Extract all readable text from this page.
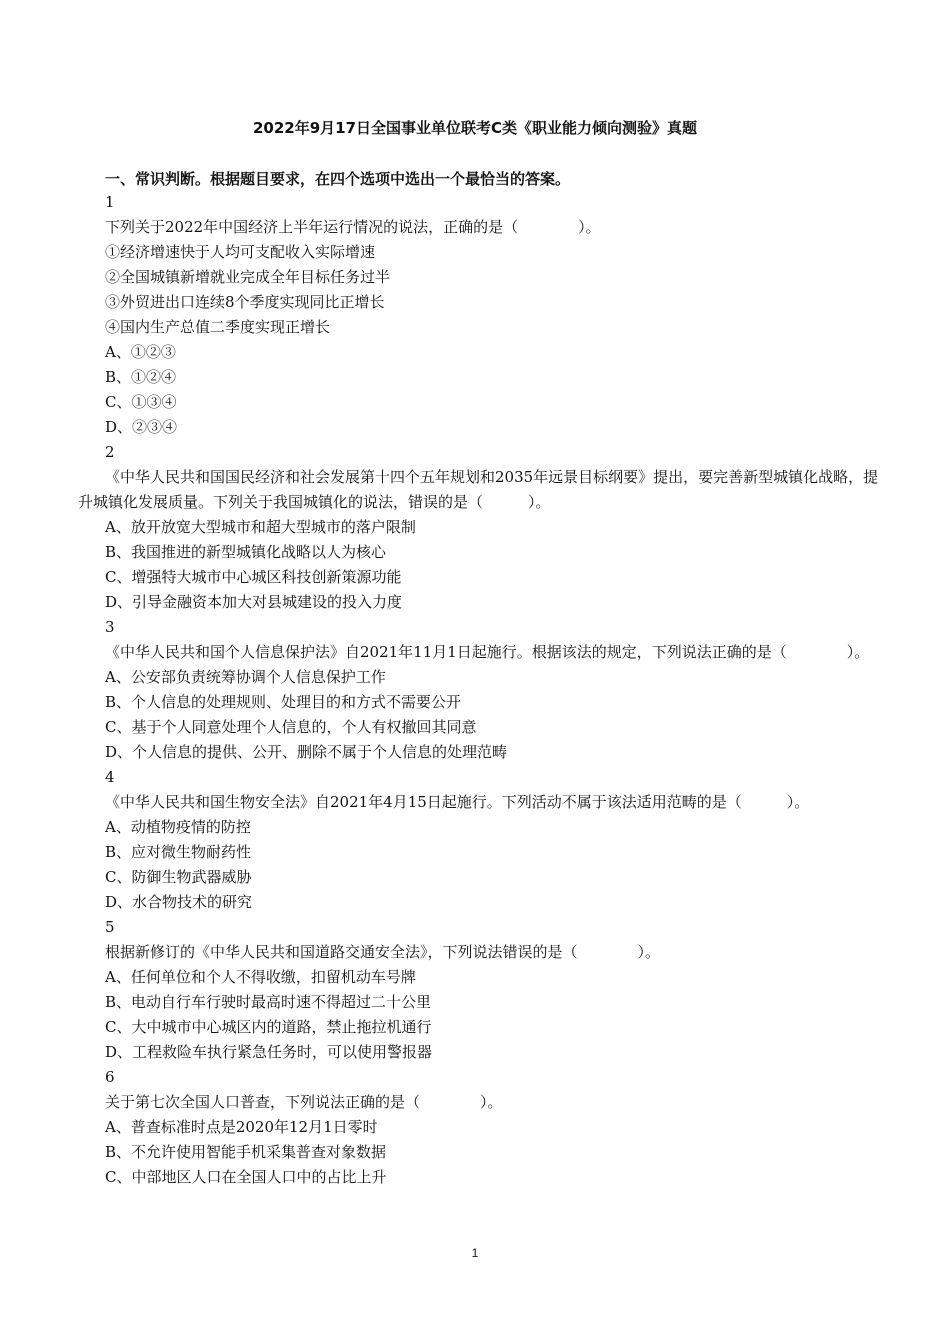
2022年9月17日全国事业单位联考C类《职业能力倾向测验》真题
一、常识判断。根据题目要求，在四个选项中选出一个最恰当的答案。
1
下列关于2022年中国经济上半年运行情况的说法，正确的是（　　　　）。
①经济增速快于人均可支配收入实际增速
②全国城镇新增就业完成全年目标任务过半
③外贸进出口连续8个季度实现同比正增长
④国内生产总值二季度实现正增长
A、①②③
B、①②④
C、①③④
D、②③④
2
《中华人民共和国国民经济和社会发展第十四个五年规划和2035年远景目标纲要》提出，要完善新型城镇化战略，提升城镇化发展质量。下列关于我国城镇化的说法，错误的是（　　　）。
A、放开放宽大型城市和超大型城市的落户限制
B、我国推进的新型城镇化战略以人为核心
C、增强特大城市中心城区科技创新策源功能
D、引导金融资本加大对县城建设的投入力度
3
《中华人民共和国个人信息保护法》自2021年11月1日起施行。根据该法的规定，下列说法正确的是（　　　　）。
A、公安部负责统筹协调个人信息保护工作
B、个人信息的处理规则、处理目的和方式不需要公开
C、基于个人同意处理个人信息的，个人有权撤回其同意
D、个人信息的提供、公开、删除不属于个人信息的处理范畴
4
《中华人民共和国生物安全法》自2021年4月15日起施行。下列活动不属于该法适用范畴的是（　　　）。
A、动植物疫情的防控
B、应对微生物耐药性
C、防御生物武器威胁
D、水合物技术的研究
5
根据新修订的《中华人民共和国道路交通安全法》，下列说法错误的是（　　　　）。
A、任何单位和个人不得收缴，扣留机动车号牌
B、电动自行车行驶时最高时速不得超过二十公里
C、大中城市中心城区内的道路，禁止拖拉机通行
D、工程救险车执行紧急任务时，可以使用警报器
6
关于第七次全国人口普查，下列说法正确的是（　　　　）。
A、普查标准时点是2020年12月1日零时
B、不允许使用智能手机采集普查对象数据
C、中部地区人口在全国人口中的占比上升
1
